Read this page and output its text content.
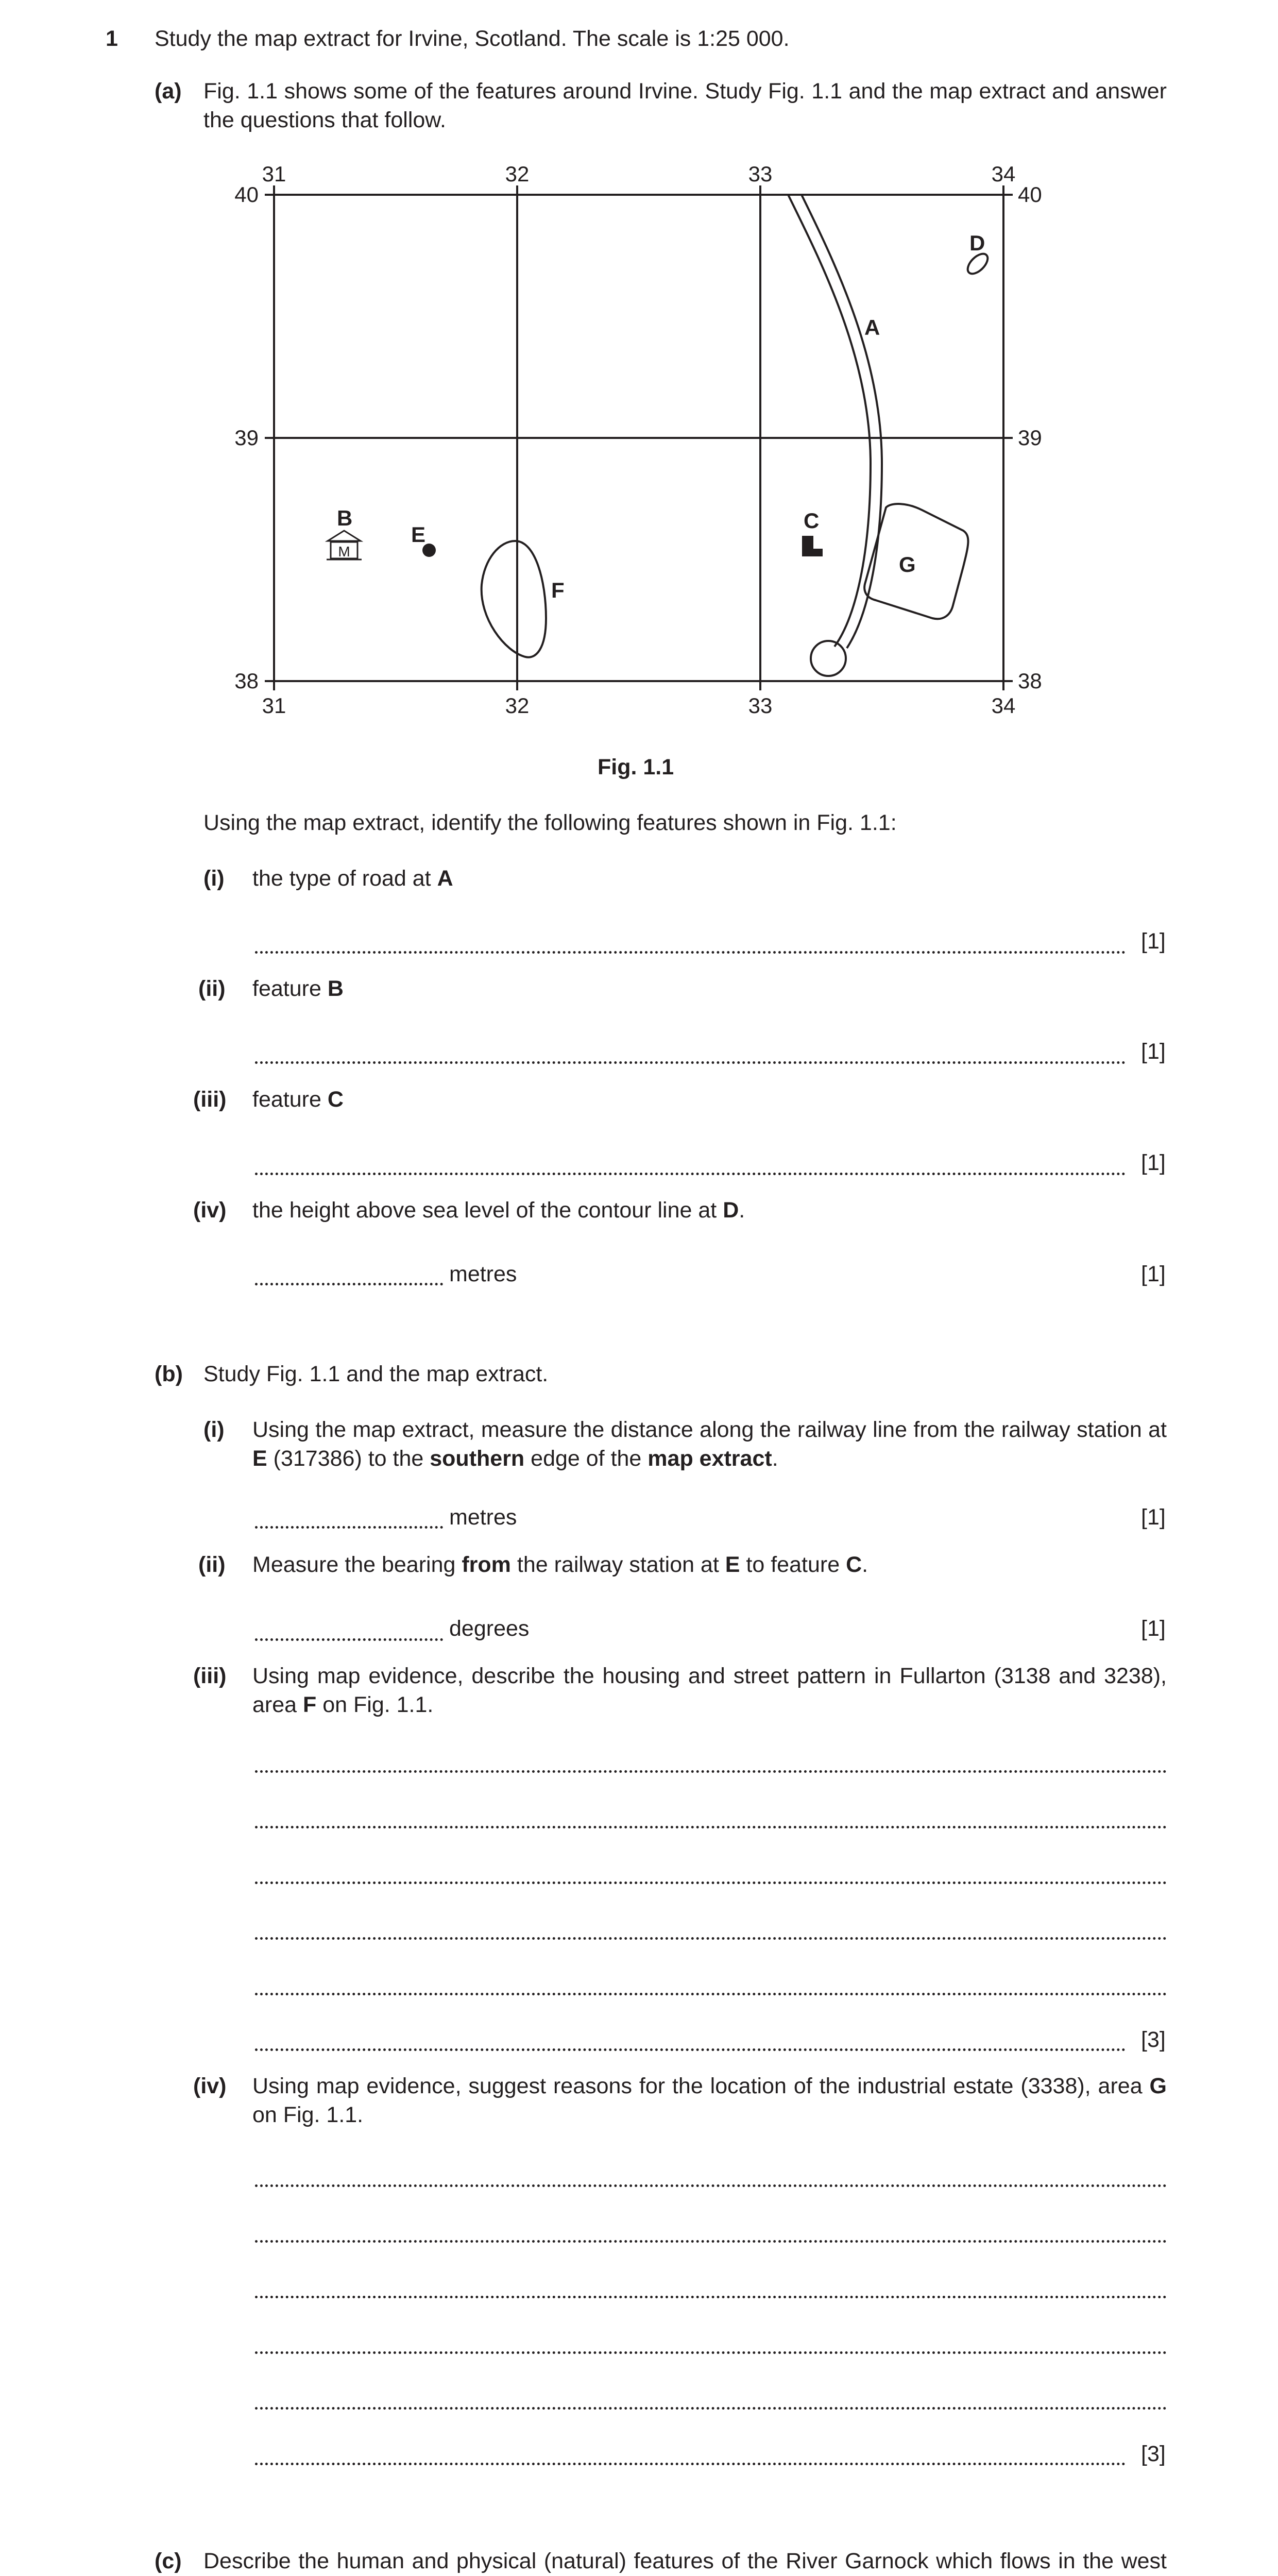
1 Study the map extract for Irvine, Scotland. The scale is 1:25 000.
(a) Fig. 1.1 shows some of the features around Irvine. Study Fig. 1.1 and the map extract and answer the questions that follow.
M
31	32	33	34
31	32	33	34
40
39
38
40
39
38
A
B	C
D
E
F
G
Fig. 1.1
Using the map extract, identify the following features shown in Fig. 1.1:
(i) the type of road at A
[1]
(ii) feature B
[1]
(iii) feature C
[1]
(iv) the height above sea level of the contour line at D.
metres	[1]
(b) Study Fig. 1.1 and the map extract.
(i) Using the map extract, measure the distance along the railway line from the railway station at E (317386) to the southern edge of the map extract.
metres	[1]
(ii) Measure the bearing from the railway station at E to feature C.
degrees	[1]
(iii) Using map evidence, describe the housing and street pattern in Fullarton (3138 and 3238), area F on Fig. 1.1.
[3]
(iv) Using map evidence, suggest reasons for the location of the industrial estate (3338), area G on Fig. 1.1.
[3]
(c) Describe the human and physical (natural) features of the River Garnock which flows in the west
